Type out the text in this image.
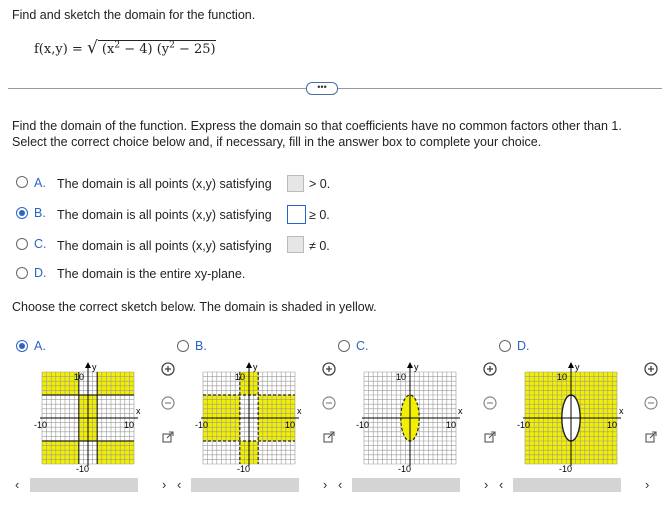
Find and sketch the domain for the function.
f(x,y) = √ $(x^2 - 4) (y^2 - 25)$
•••
Find the domain of the function. Express the domain so that coefficients have no common factors other than 1.
Select the correct choice below and, if necessary, fill in the answer box to complete your choice.
A. The domain is all points (x,y) satisfying	> 0.
B. The domain is all points (x,y) satisfying	≥ 0.
C. The domain is all points (x,y) satisfying	≠ 0.
D. The domain is the entire xy-plane.
Choose the correct sketch below. The domain is shaded in yellow.
A.	B.	C.	D.
y
10
-10
-10	10
x
y
10
-10
-10	10
x
y
10
-10
-10	10
x
y
10
-10
-10	10
x
‹	› ‹	› ‹	› ‹	›
